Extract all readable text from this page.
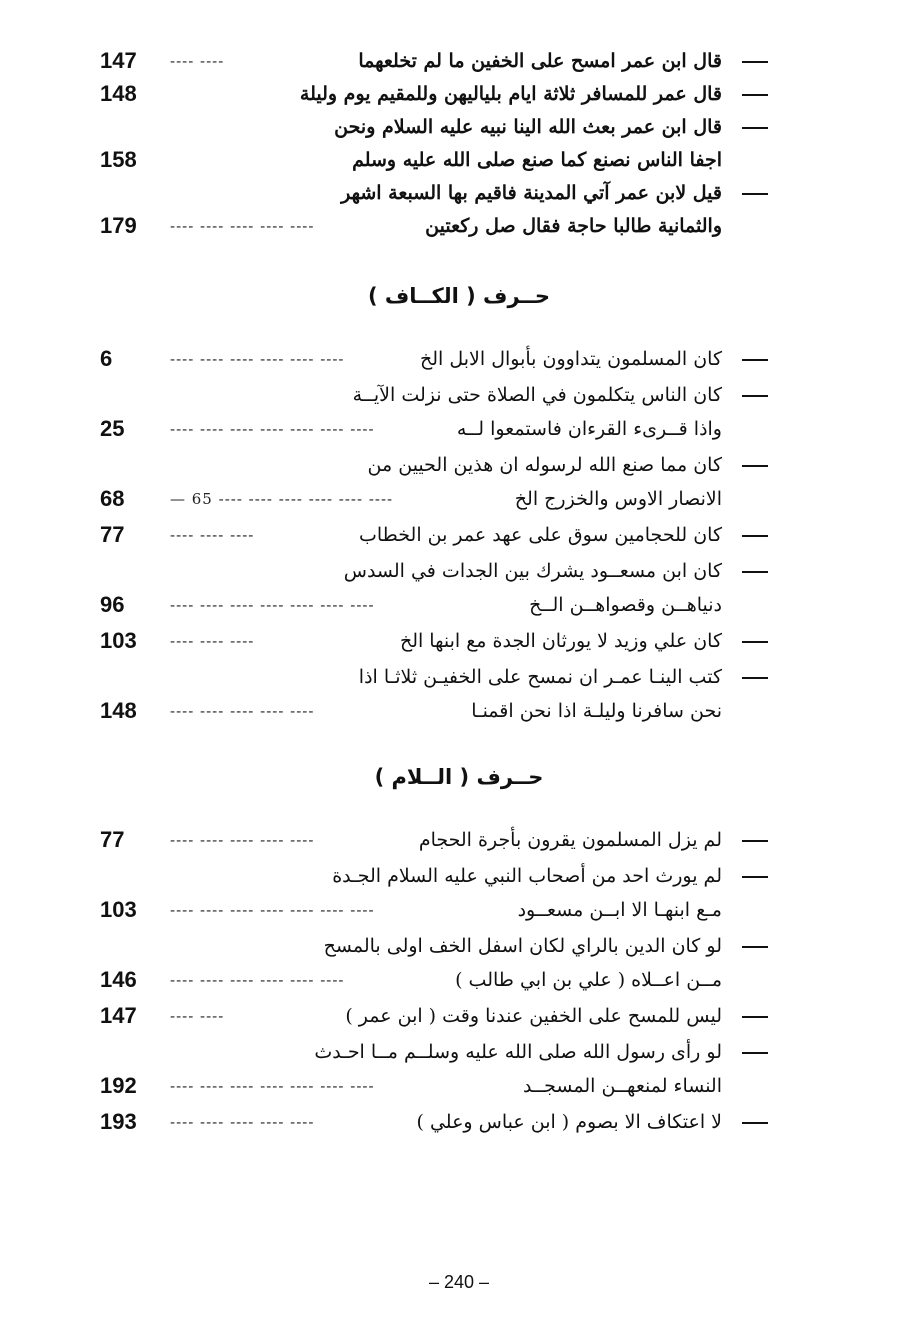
قال ابن عمر امسح على الخفين ما لم تخلعهما
---- ----
147
قال عمر للمسافر ثلاثة ايام بلياليهن وللمقيم يوم وليلة
148
قال ابن عمر بعث الله الينا نبيه عليه السلام ونحن
اجفا الناس نصنع كما صنع صلى الله عليه وسلم
158
قيل لابن عمر آتي المدينة فاقيم بها السبعة اشهر
والثمانية طالبا حاجة فقال صل ركعتين
---- ---- ---- ---- ----
179
حــرف ( الكــاف )
كان المسلمون يتداوون بأبوال الابل الخ
---- ---- ---- ---- ---- ----
6
كان الناس يتكلمون في الصلاة حتى نزلت الآيــة
واذا قــرىء القرءان فاستمعوا لــه
---- ---- ---- ---- ---- ---- ----
25
كان مما صنع الله لرسوله ان هذين الحيين من
الانصار الاوس والخزرج الخ
— 65 ---- ---- ---- ---- ---- ----
68
كان للحجامين سوق على عهد عمر بن الخطاب
---- ---- ----
77
كان ابن مسعــود يشرك بين الجدات في السدس
دنياهــن وقصواهــن الــخ
---- ---- ---- ---- ---- ---- ----
96
كان علي وزيد لا يورثان الجدة مع ابنها الخ
---- ---- ----
103
كتب الينـا عمـر ان نمسح على الخفيـن ثلاثـا اذا
نحن سافرنا وليلـة اذا نحن اقمنـا
---- ---- ---- ---- ----
148
حــرف ( الــلام )
لم يزل المسلمون يقرون بأجرة الحجام
---- ---- ---- ---- ----
77
لم يورث احد من أصحاب النبي عليه السلام الجـدة
مـع ابنهـا الا ابــن مسعــود
---- ---- ---- ---- ---- ---- ----
103
لو كان الدين بالراي لكان اسفل الخف اولى بالمسح
مــن اعــلاه ( علي بن ابي طالب )
---- ---- ---- ---- ---- ----
146
ليس للمسح على الخفين عندنا وقت ( ابن عمر )
---- ----
147
لو رأى رسول الله صلى الله عليه وسلــم مــا احـدث
النساء لمنعهــن المسجــد
---- ---- ---- ---- ---- ---- ----
192
لا اعتكاف الا بصوم ( ابن عباس وعلي )
---- ---- ---- ---- ----
193
– 240 –
